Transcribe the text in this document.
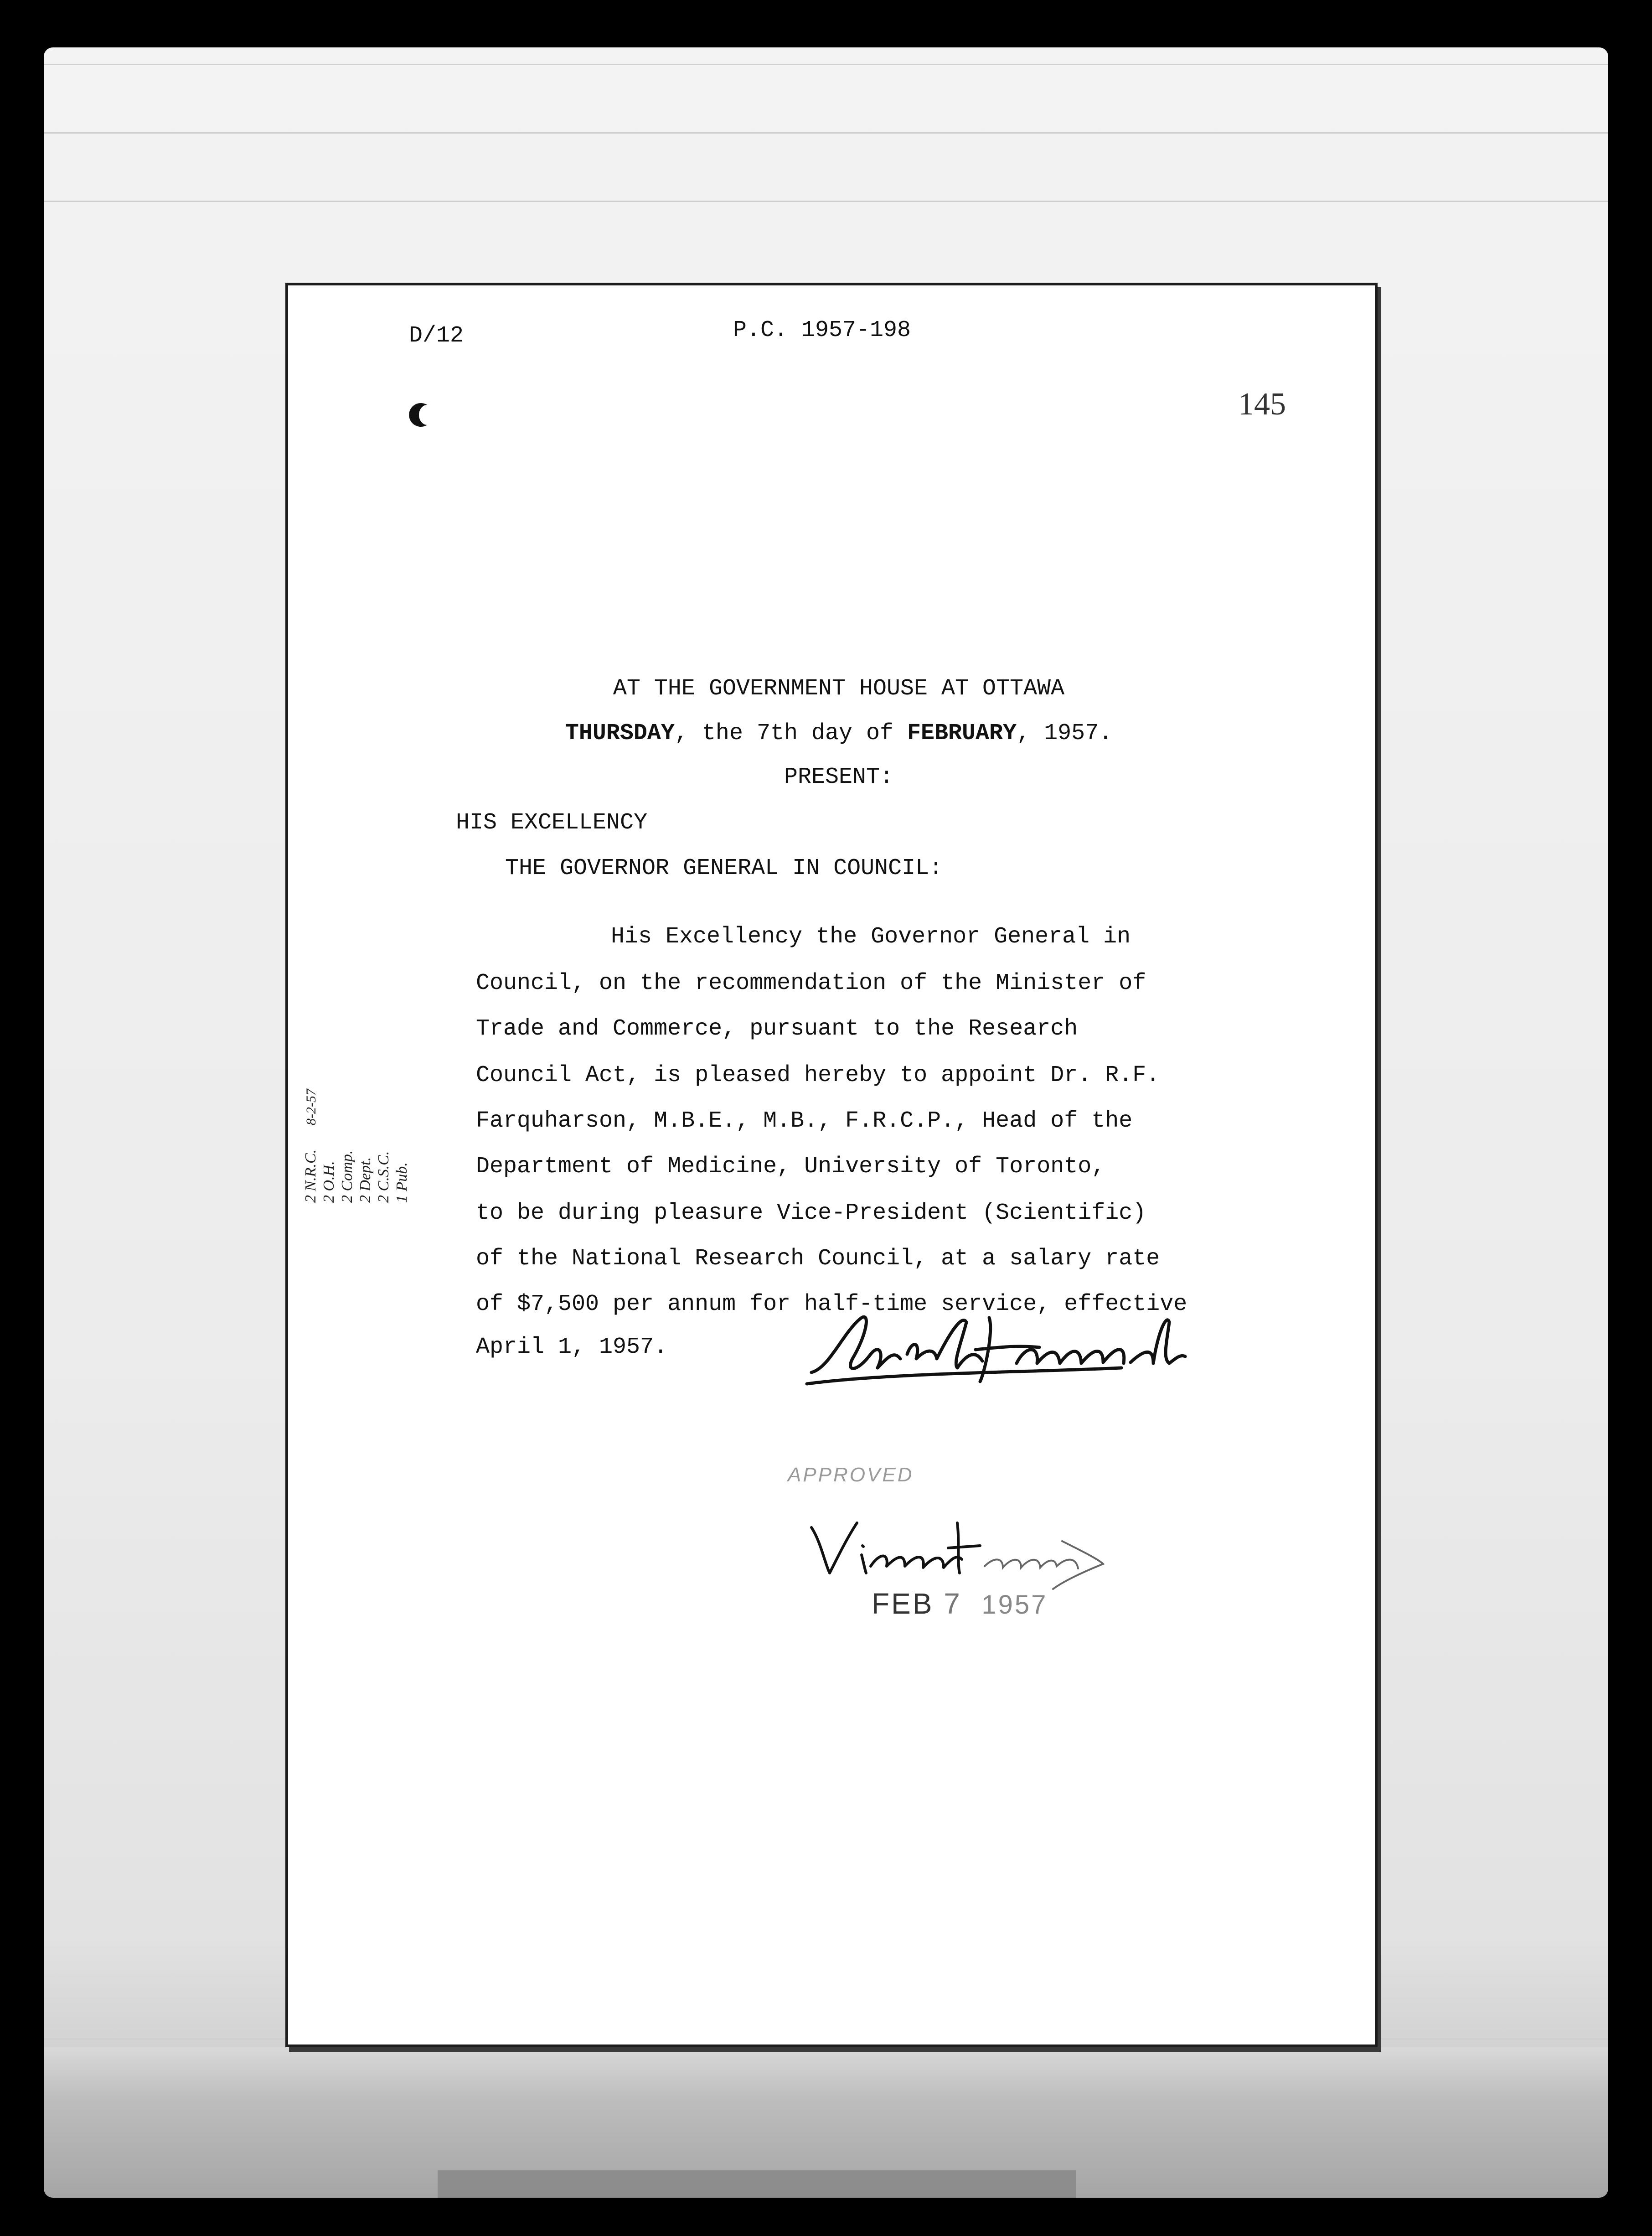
D/12	P.C. 1957-198
145
AT THE GOVERNMENT HOUSE AT OTTAWA
THURSDAY, the 7th day of FEBRUARY, 1957.
PRESENT:
HIS EXCELLENCY
THE GOVERNOR GENERAL IN COUNCIL:
His Excellency the Governor General in
Council, on the recommendation of the Minister of
Trade and Commerce, pursuant to the Research
Council Act, is pleased hereby to appoint Dr. R.F.
Farquharson, M.B.E., M.B., F.R.C.P., Head of the
Department of Medicine, University of Toronto,
to be during pleasure Vice-President (Scientific)
of the National Research Council, at a salary rate
of $7,500 per annum for half-time service, effective
April 1, 1957.
2 N.R.C. 2 O.H. 2 Comp. 2 Dept. 2 C.S.C. 1 Pub.
8-2-57
APPROVED
FEB 7 1957
